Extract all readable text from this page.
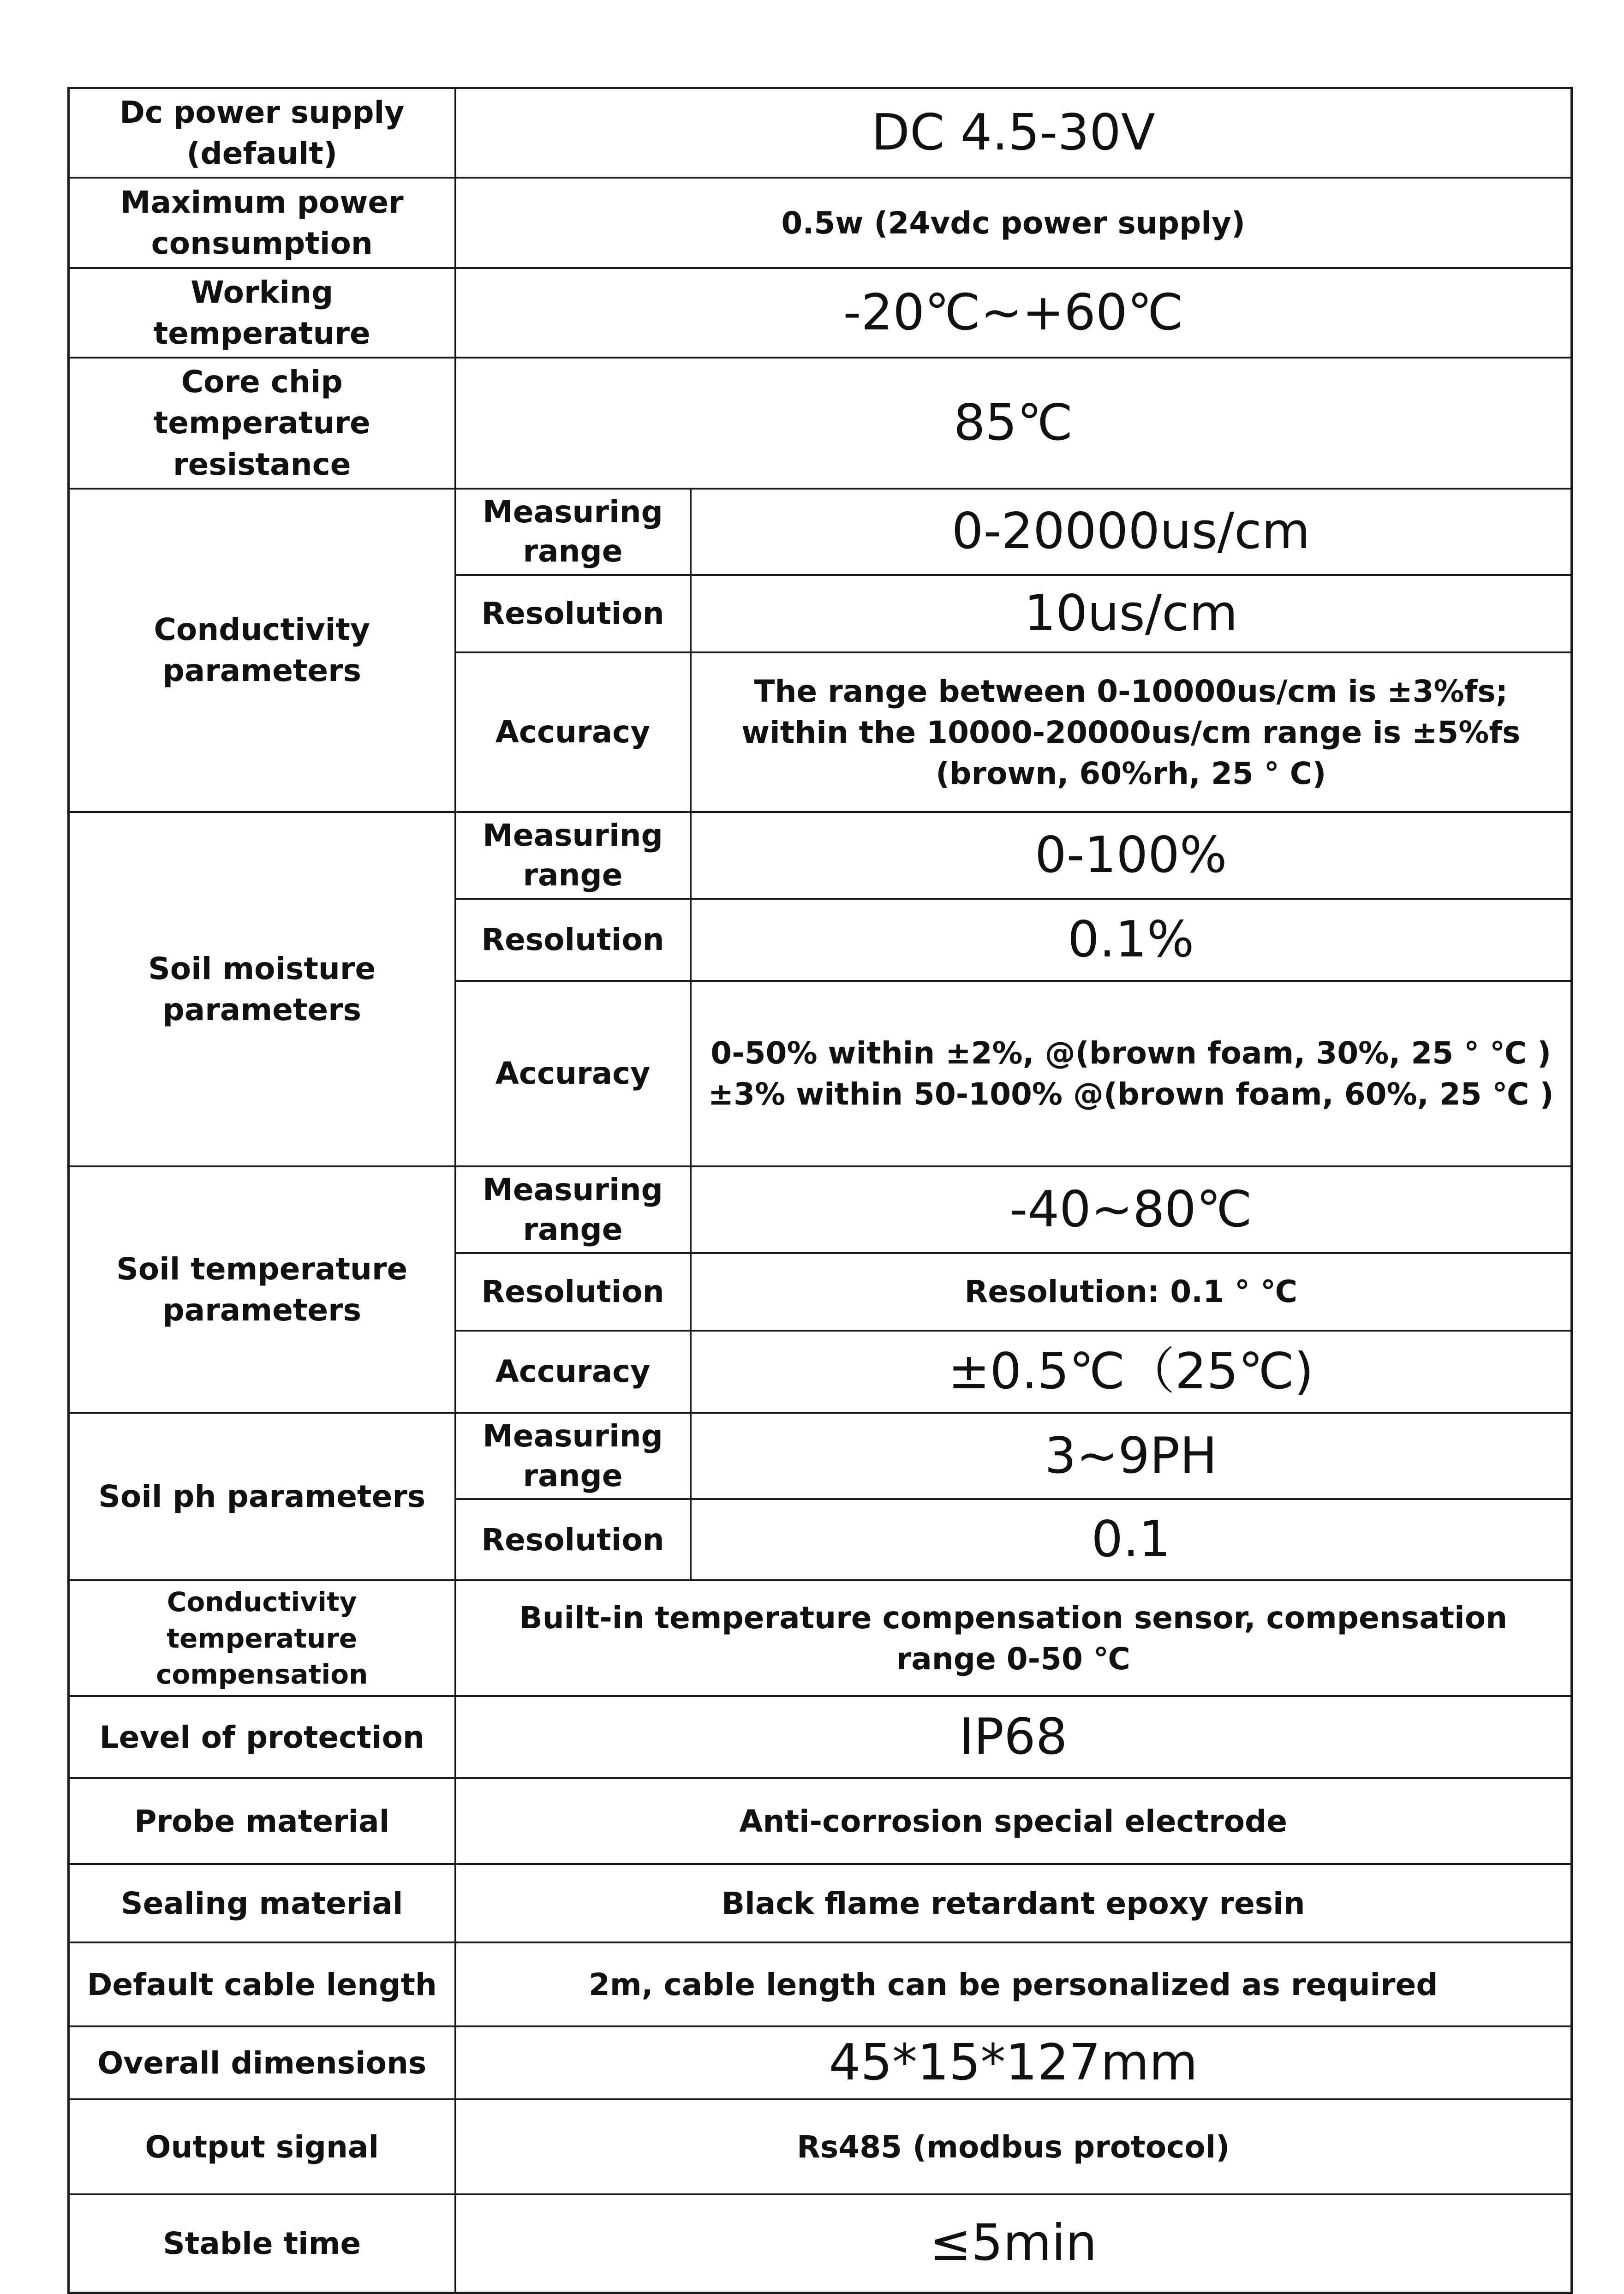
Dc power supply (default)	DC 4.5-30V	
Maximum power consumption	0.5w (24vdc power supply)	
Working temperature	-20℃~+60℃	
Core chip temperature resistance	85℃	
Conductivity parameters	Measuring range	0-20000us/cm
	Resolution	10us/cm
	Accuracy	The range between 0-10000us/cm is ±3%fs; within the 10000-20000us/cm range is ±5%fs (brown, 60%rh, 25 ° C)
Soil moisture parameters	Measuring range	0-100%
	Resolution	0.1%
	Accuracy	0-50% within ±2%, @(brown foam, 30%, 25 ° ℃ ) ±3% within 50-100% @(brown foam, 60%, 25 ℃ )
Soil temperature parameters	Measuring range	-40~80℃
	Resolution	Resolution: 0.1 ° ℃
	Accuracy	±0.5℃（25℃)
Soil ph parameters	Measuring range	3~9PH
	Resolution	0.1
Conductivity temperature compensation	Built-in temperature compensation sensor, compensation range 0-50 ℃	
Level of protection	IP68	
Probe material	Anti-corrosion special electrode	
Sealing material	Black flame retardant epoxy resin	
Default cable length	2m, cable length can be personalized as required	
Overall dimensions	45*15*127mm	
Output signal	Rs485 (modbus protocol)	
Stable time	≤5min	
